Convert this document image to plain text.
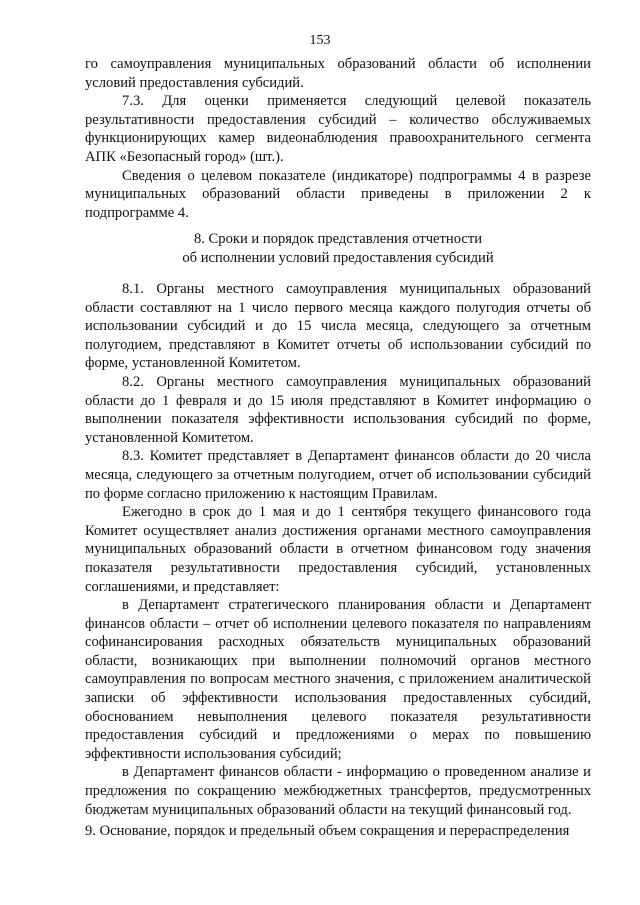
153

го самоуправления муниципальных образований области об исполнении условий предоставления субсидий.

7.3. Для оценки применяется следующий целевой показатель результативности предоставления субсидий – количество обслуживаемых функционирующих камер видеонаблюдения правоохранительного сегмента АПК «Безопасный город» (шт.).

Сведения о целевом показателе (индикаторе) подпрограммы 4 в разрезе муниципальных образований области приведены в приложении 2 к подпрограмме 4.

8. Сроки и порядок представления отчетности
об исполнении условий предоставления субсидий

8.1. Органы местного самоуправления муниципальных образований области составляют на 1 число первого месяца каждого полугодия отчеты об использовании субсидий и до 15 числа месяца, следующего за отчетным полугодием, представляют в Комитет отчеты об использовании субсидий по форме, установленной Комитетом.

8.2. Органы местного самоуправления муниципальных образований области до 1 февраля и до 15 июля представляют в Комитет информацию о выполнении показателя эффективности использования субсидий по форме, установленной Комитетом.

8.3. Комитет представляет в Департамент финансов области до 20 числа месяца, следующего за отчетным полугодием, отчет об использовании субсидий по форме согласно приложению к настоящим Правилам.

Ежегодно в срок до 1 мая и до 1 сентября текущего финансового года Комитет осуществляет анализ достижения органами местного самоуправления муниципальных образований области в отчетном финансовом году значения показателя результативности предоставления субсидий, установленных соглашениями, и представляет:

в Департамент стратегического планирования области и Департамент финансов области – отчет об исполнении целевого показателя по направлениям софинансирования расходных обязательств муниципальных образований области, возникающих при выполнении полномочий органов местного самоуправления по вопросам местного значения, с приложением аналитической записки об эффективности использования предоставленных субсидий, обоснованием невыполнения целевого показателя результативности предоставления субсидий и предложениями о мерах по повышению эффективности использования субсидий;

в Департамент финансов области - информацию о проведенном анализе и предложения по сокращению межбюджетных трансфертов, предусмотренных бюджетам муниципальных образований области на текущий финансовый год.

9. Основание, порядок и предельный объем сокращения и перераспределения
